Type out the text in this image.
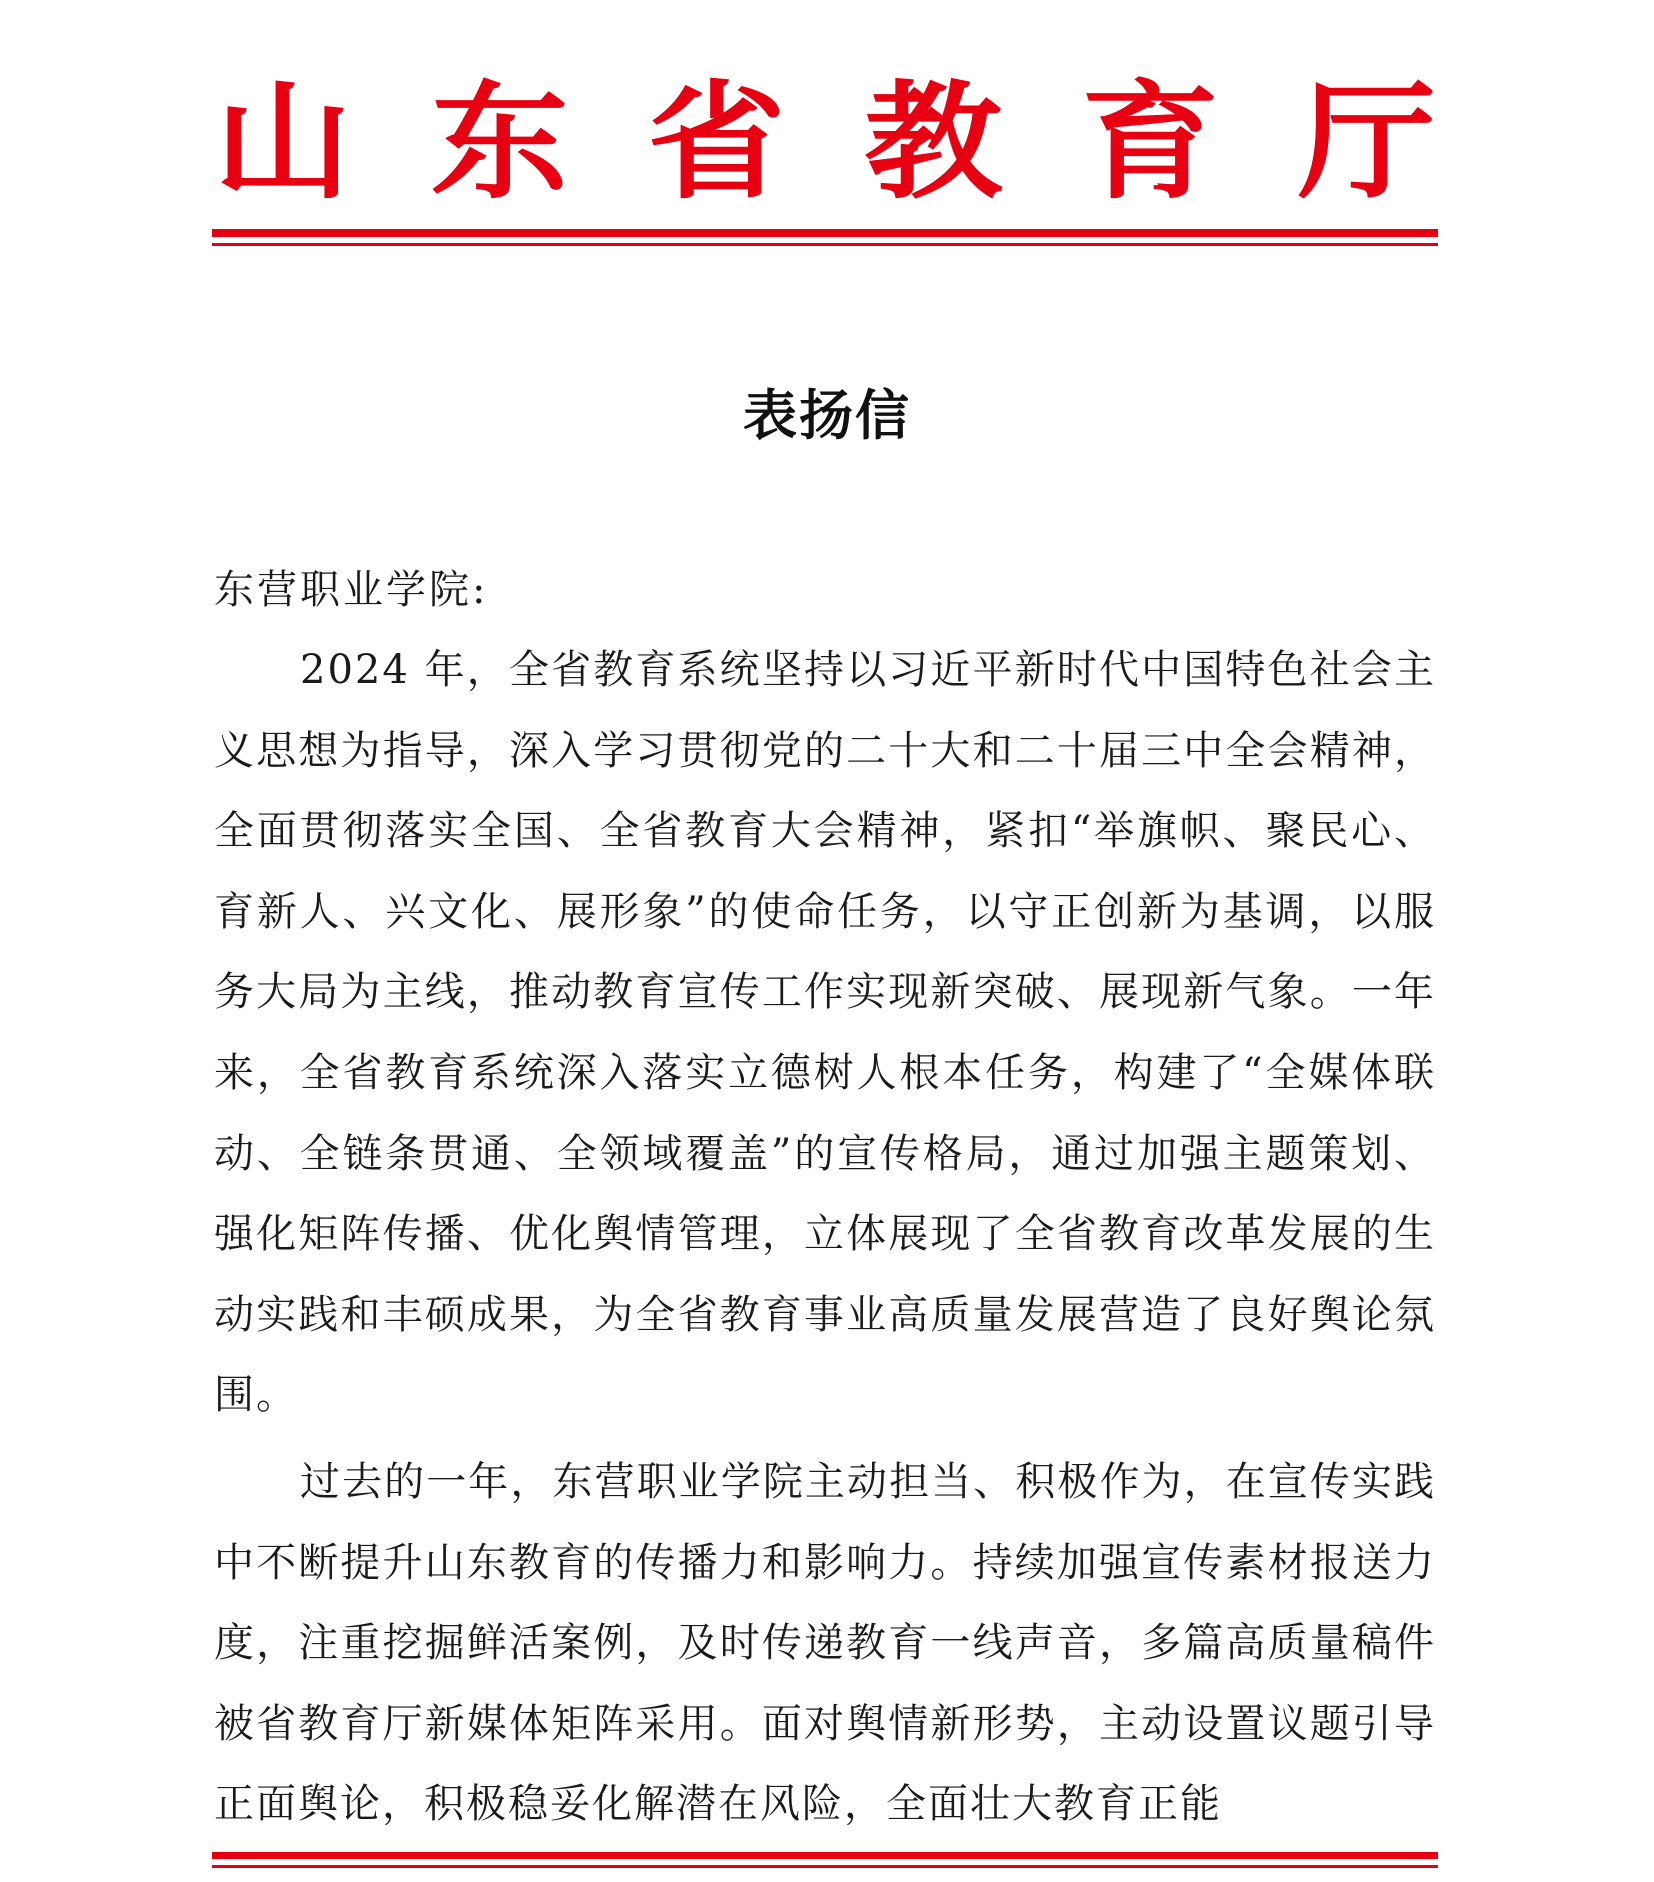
山 东 省 教 育 厅
表扬信

东营职业学院:

2024 年，全省教育系统坚持以习近平新时代中国特色社会主义思想为指导，深入学习贯彻党的二十大和二十届三中全会精神，全面贯彻落实全国、全省教育大会精神，紧扣“举旗帜、聚民心、育新人、兴文化、展形象”的使命任务，以守正创新为基调，以服务大局为主线，推动教育宣传工作实现新突破、展现新气象。一年来，全省教育系统深入落实立德树人根本任务，构建了“全媒体联动、全链条贯通、全领域覆盖”的宣传格局，通过加强主题策划、强化矩阵传播、优化舆情管理，立体展现了全省教育改革发展的生动实践和丰硕成果，为全省教育事业高质量发展营造了良好舆论氛围。

过去的一年，东营职业学院主动担当、积极作为，在宣传实践中不断提升山东教育的传播力和影响力。持续加强宣传素材报送力度，注重挖掘鲜活案例，及时传递教育一线声音，多篇高质量稿件被省教育厅新媒体矩阵采用。面对舆情新形势，主动设置议题引导正面舆论，积极稳妥化解潜在风险，全面壮大教育正能
